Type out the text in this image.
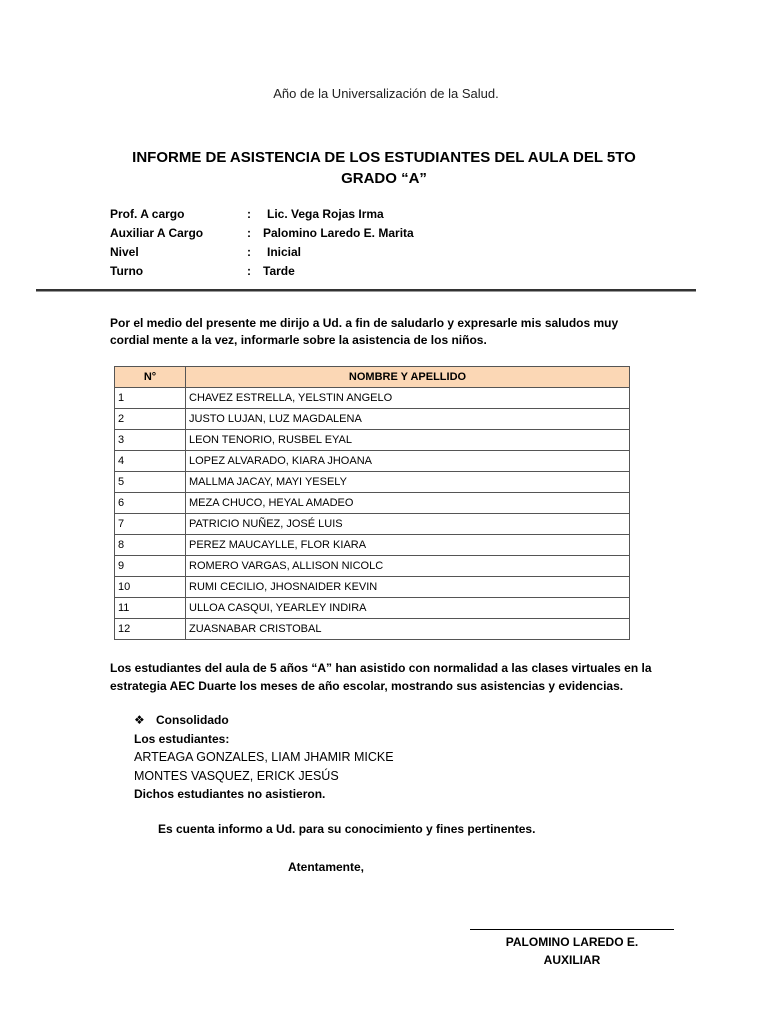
Año de la Universalización de la Salud.
INFORME DE ASISTENCIA DE LOS ESTUDIANTES DEL AULA DEL 5TO
GRADO “A”
Prof. A cargo	: Lic. Vega Rojas Irma
Auxiliar A Cargo	: Palomino Laredo E. Marita
Nivel	: Inicial
Turno	: Tarde
Por el medio del presente me dirijo a Ud. a fin de saludarlo y expresarle mis saludos muy
cordial mente a la vez, informarle sobre la asistencia de los niños.
N°	NOMBRE Y APELLIDO
1	CHAVEZ ESTRELLA, YELSTIN ANGELO
2	JUSTO LUJAN, LUZ MAGDALENA
3	LEON TENORIO, RUSBEL EYAL
4	LOPEZ ALVARADO, KIARA JHOANA
5	MALLMA JACAY, MAYI YESELY
6	MEZA CHUCO, HEYAL AMADEO
7	PATRICIO NUÑEZ, JOSÉ LUIS
8	PEREZ MAUCAYLLE, FLOR KIARA
9	ROMERO VARGAS, ALLISON NICOLC
10	RUMI CECILIO, JHOSNAIDER KEVIN
11	ULLOA CASQUI, YEARLEY INDIRA
12	ZUASNABAR CRISTOBAL
Los estudiantes del aula de 5 años “A” han asistido con normalidad a las clases virtuales en la
estrategia AEC Duarte los meses de año escolar, mostrando sus asistencias y evidencias.
❖ Consolidado
Los estudiantes:
ARTEAGA GONZALES, LIAM JHAMIR MICKE
MONTES VASQUEZ, ERICK JESÚS
Dichos estudiantes no asistieron.
Es cuenta informo a Ud. para su conocimiento y fines pertinentes.
Atentamente,
PALOMINO LAREDO E.
AUXILIAR
